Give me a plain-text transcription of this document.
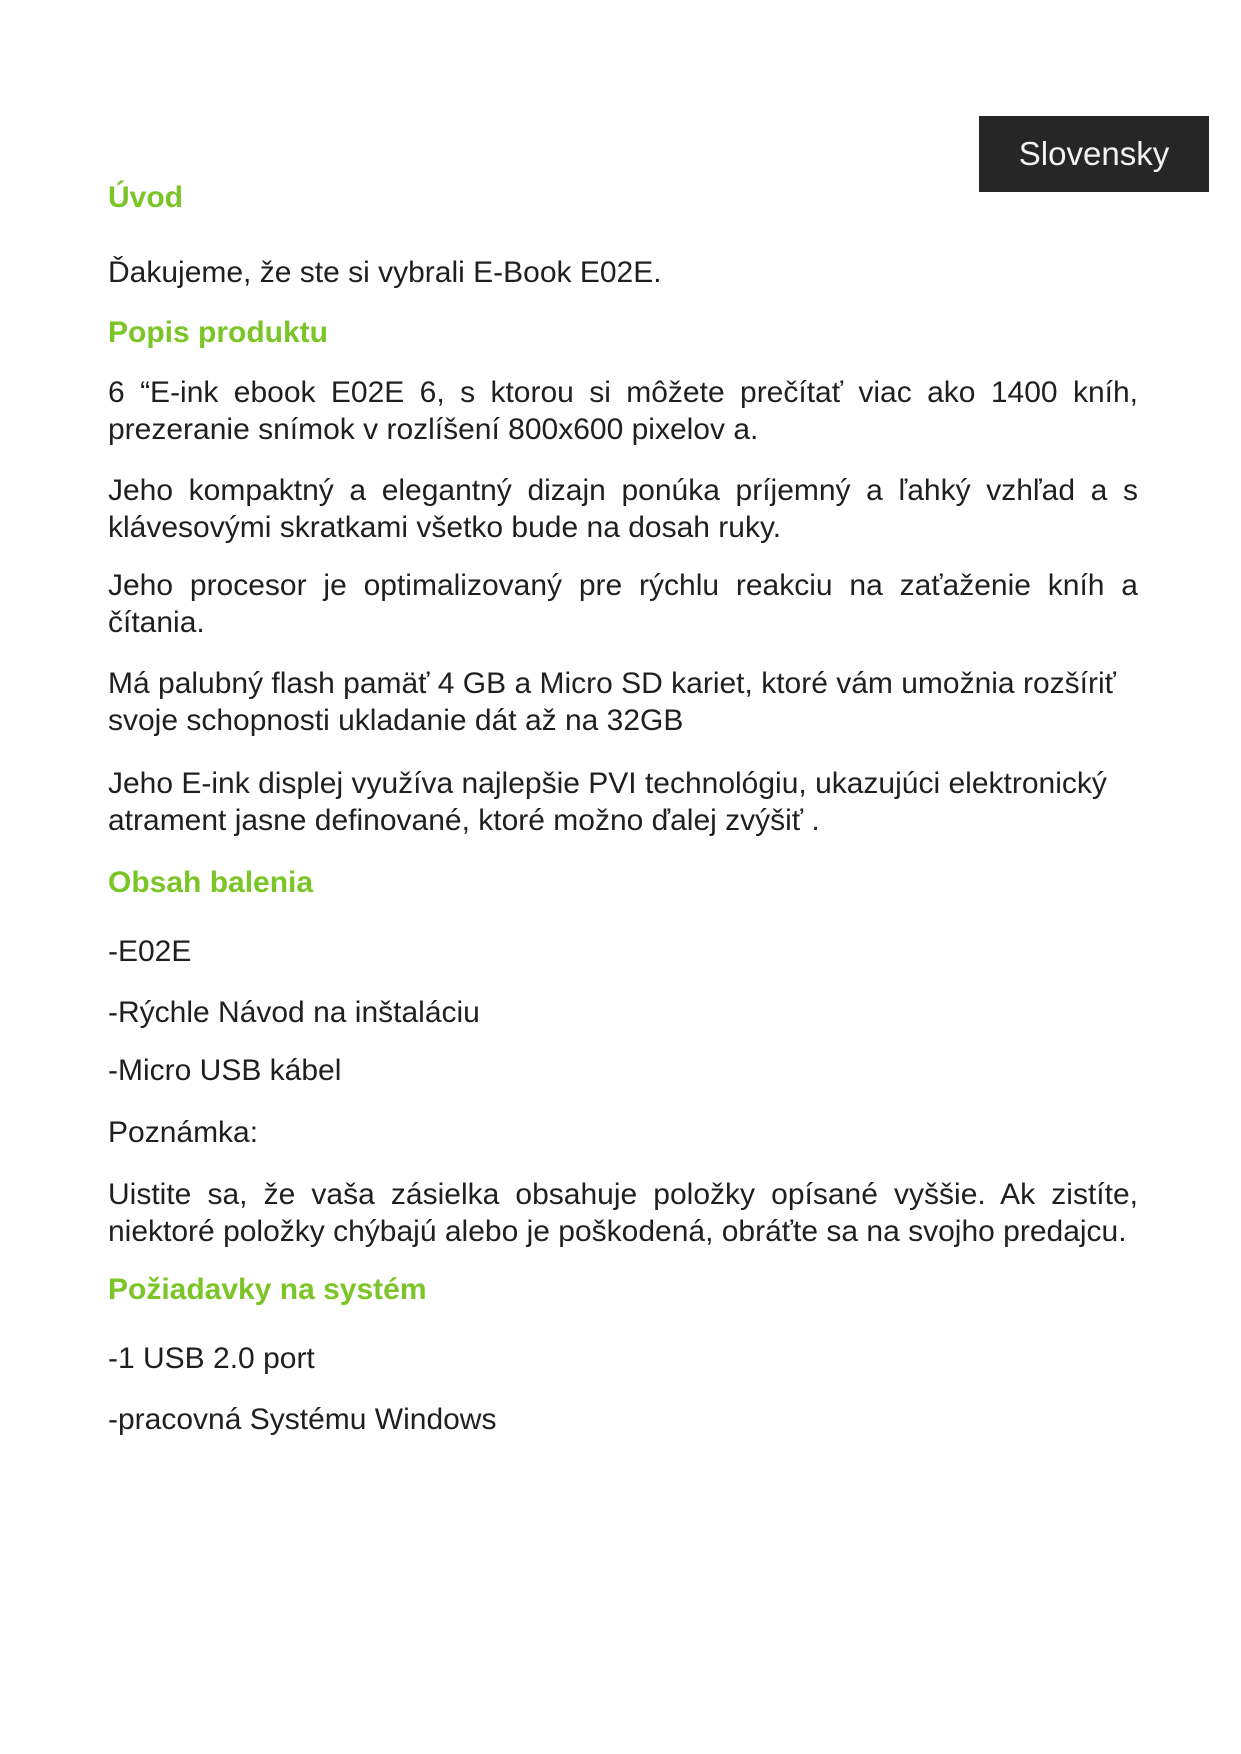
Slovensky
Úvod
Ďakujeme, že ste si vybrali E-Book E02E.
Popis produktu
6 “E-ink ebook E02E 6, s ktorou si môžete prečítať viac ako 1400 kníh, prezeranie snímok v rozlíšení 800x600 pixelov a.
Jeho kompaktný a elegantný dizajn ponúka príjemný a ľahký vzhľad a s klávesovými skratkami všetko bude na dosah ruky.
Jeho procesor je optimalizovaný pre rýchlu reakciu na zaťaženie kníh a čítania.
Má palubný flash pamäť 4 GB a Micro SD kariet, ktoré vám umožnia rozšíriť svoje schopnosti ukladanie dát až na 32GB
Jeho E-ink displej využíva najlepšie PVI technológiu, ukazujúci elektronický atrament jasne definované, ktoré možno ďalej zvýšiť .
Obsah balenia
-E02E
-Rýchle Návod na inštaláciu
-Micro USB kábel
Poznámka:
Uistite sa, že vaša zásielka obsahuje položky opísané vyššie. Ak zistíte, niektoré položky chýbajú alebo je poškodená, obráťte sa na svojho predajcu.
Požiadavky na systém
-1 USB 2.0 port
-pracovná Systému Windows
